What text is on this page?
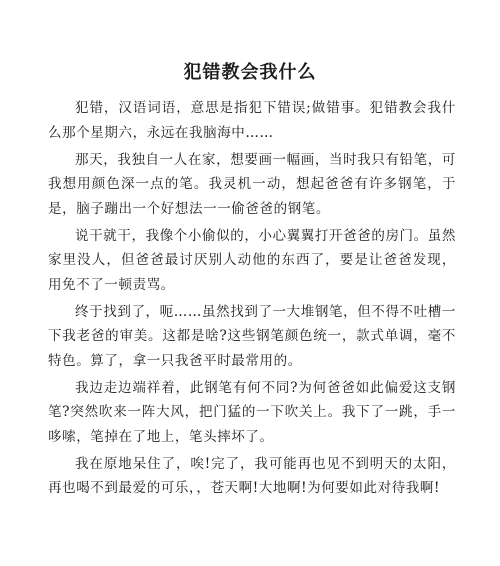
犯错教会我什么

犯错，汉语词语，意思是指犯下错误;做错事。犯错教会我什么那个星期六，永远在我脑海中……

那天，我独自一人在家，想要画一幅画，当时我只有铅笔，可我想用颜色深一点的笔。我灵机一动，想起爸爸有许多钢笔，于是，脑子蹦出一个好想法一一偷爸爸的钢笔。

说干就干，我像个小偷似的，小心翼翼打开爸爸的房门。虽然家里没人，但爸爸最讨厌别人动他的东西了，要是让爸爸发现，用免不了一顿责骂。

终于找到了，呃……虽然找到了一大堆钢笔，但不得不吐槽一下我老爸的审美。这都是啥?这些钢笔颜色统一，款式单调，毫不特色。算了，拿一只我爸平时最常用的。

我边走边端祥着，此钢笔有何不同?为何爸爸如此偏爱这支钢笔?突然吹来一阵大风，把门猛的一下吹关上。我下了一跳，手一哆嗦，笔掉在了地上，笔头摔坏了。

我在原地呆住了，唉!完了，我可能再也见不到明天的太阳，再也喝不到最爱的可乐，，苍天啊!大地啊!为何要如此对待我啊!
